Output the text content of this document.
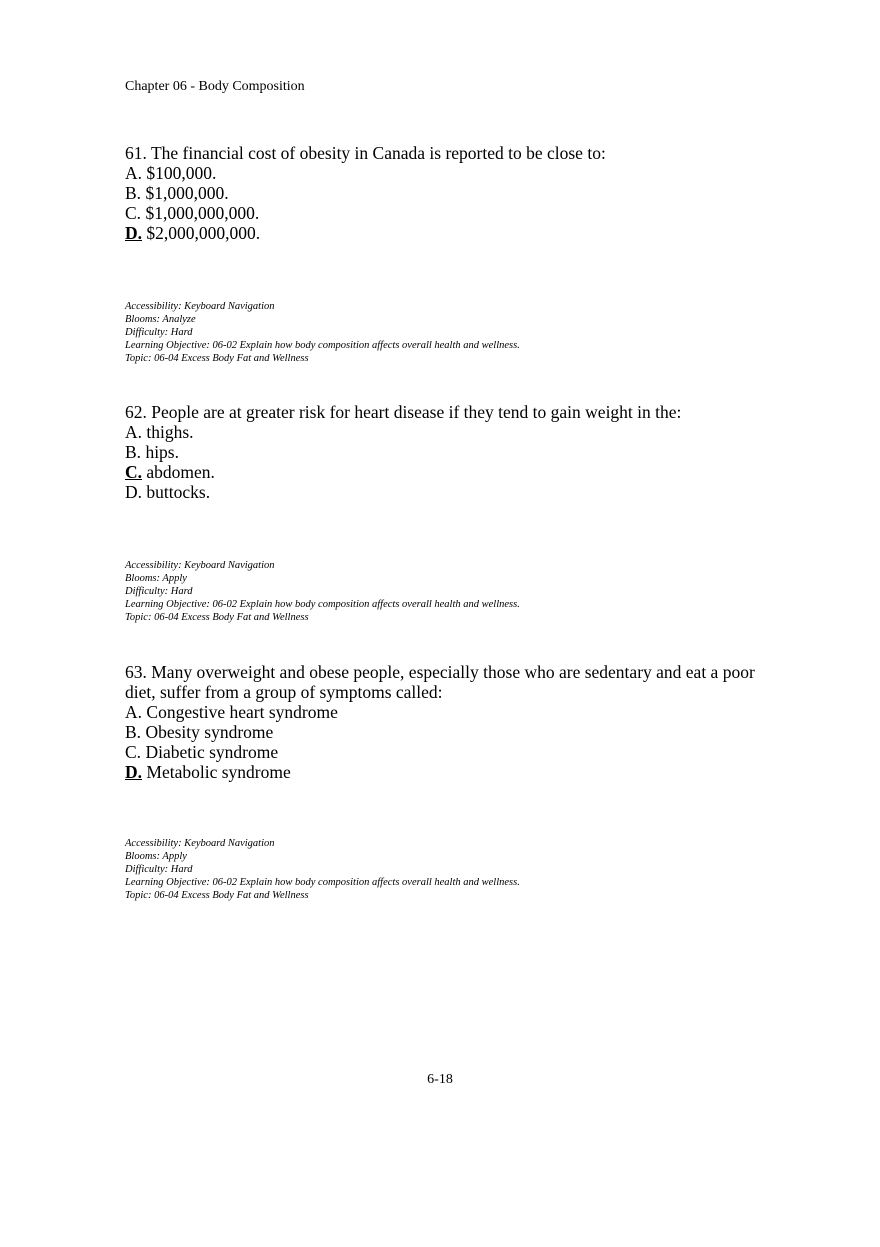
Chapter 06 - Body Composition
61. The financial cost of obesity in Canada is reported to be close to:
A. $100,000.
B. $1,000,000.
C. $1,000,000,000.
D. $2,000,000,000.
Accessibility: Keyboard Navigation
Blooms: Analyze
Difficulty: Hard
Learning Objective: 06-02 Explain how body composition affects overall health and wellness.
Topic: 06-04 Excess Body Fat and Wellness
62. People are at greater risk for heart disease if they tend to gain weight in the:
A. thighs.
B. hips.
C. abdomen.
D. buttocks.
Accessibility: Keyboard Navigation
Blooms: Apply
Difficulty: Hard
Learning Objective: 06-02 Explain how body composition affects overall health and wellness.
Topic: 06-04 Excess Body Fat and Wellness
63. Many overweight and obese people, especially those who are sedentary and eat a poor diet, suffer from a group of symptoms called:
A. Congestive heart syndrome
B. Obesity syndrome
C. Diabetic syndrome
D. Metabolic syndrome
Accessibility: Keyboard Navigation
Blooms: Apply
Difficulty: Hard
Learning Objective: 06-02 Explain how body composition affects overall health and wellness.
Topic: 06-04 Excess Body Fat and Wellness
6-18
